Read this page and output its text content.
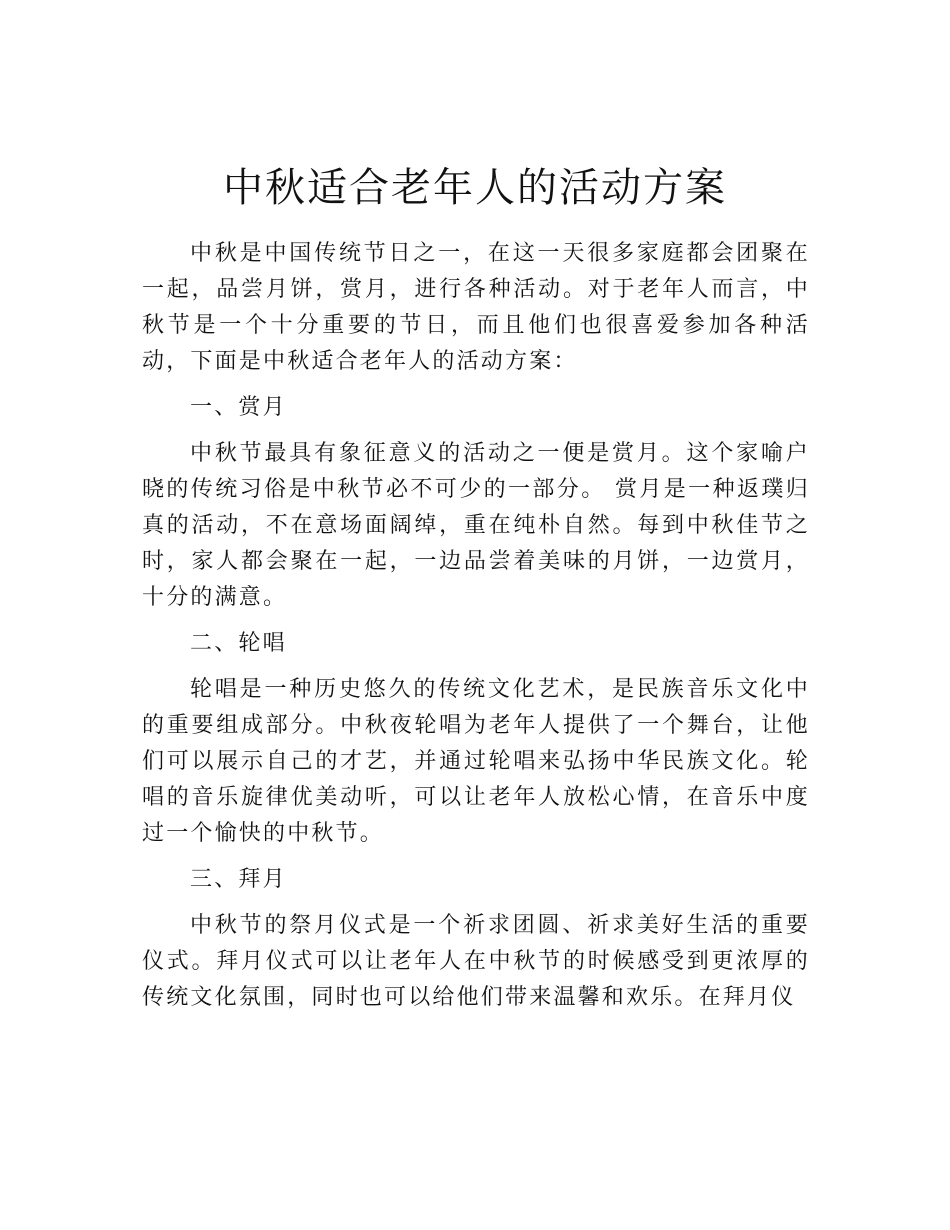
中秋适合老年人的活动方案

中秋是中国传统节日之一，在这一天很多家庭都会团聚在一起，品尝月饼，赏月，进行各种活动。对于老年人而言，中秋节是一个十分重要的节日，而且他们也很喜爱参加各种活动，下面是中秋适合老年人的活动方案：

一、赏月

中秋节最具有象征意义的活动之一便是赏月。这个家喻户晓的传统习俗是中秋节必不可少的一部分。 赏月是一种返璞归真的活动，不在意场面阔绰，重在纯朴自然。每到中秋佳节之时，家人都会聚在一起，一边品尝着美味的月饼，一边赏月，十分的满意。

二、轮唱

轮唱是一种历史悠久的传统文化艺术，是民族音乐文化中的重要组成部分。中秋夜轮唱为老年人提供了一个舞台，让他们可以展示自己的才艺，并通过轮唱来弘扬中华民族文化。轮唱的音乐旋律优美动听，可以让老年人放松心情，在音乐中度过一个愉快的中秋节。

三、拜月

中秋节的祭月仪式是一个祈求团圆、祈求美好生活的重要仪式。拜月仪式可以让老年人在中秋节的时候感受到更浓厚的传统文化氛围，同时也可以给他们带来温馨和欢乐。在拜月仪
